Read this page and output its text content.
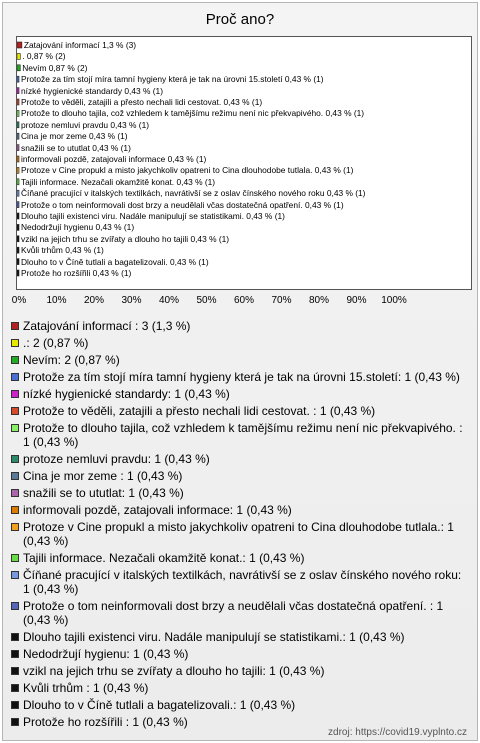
Proč ano?
Zatajování informací 1,3 % (3)
. 0,87 % (2)
Nevím 0,87 % (2)
Protože za tím stojí míra tamní hygieny která je tak na úrovni 15.století 0,43 % (1)
nízké hygienické standardy 0,43 % (1)
Protože to věděli, zatajili a přesto nechali lidi cestovat. 0,43 % (1)
Protože to dlouho tajila, což vzhledem k tamějšímu režimu není nic překvapivého. 0,43 % (1)
protoze nemluvi pravdu 0,43 % (1)
Cina je mor zeme 0,43 % (1)
snažili se to ututlat 0,43 % (1)
informovali pozdě, zatajovali informace 0,43 % (1)
Protoze v Cine propukl a misto jakychkoliv opatreni to Cina dlouhodobe tutlala. 0,43 % (1)
Tajili informace. Nezačali okamžitě konat. 0,43 % (1)
Číňané pracující v italských textilkách, navrátivší se z oslav čínského nového roku 0,43 % (1)
Protože o tom neinformovali dost brzy a neudělali včas dostatečná opatření. 0,43 % (1)
Dlouho tajili existenci viru. Nadále manipulují se statistikami. 0,43 % (1)
Nedodržují hygienu 0,43 % (1)
vzikl na jejich trhu se zvířaty a dlouho ho tajili 0,43 % (1)
Kvůli trhům 0,43 % (1)
Dlouho to v Číně tutlali a bagatelizovali. 0,43 % (1)
Protože ho rozšířili 0,43 % (1)
0% 10% 20% 30% 40% 50% 60% 70% 80% 90% 100%
Zatajování informací : 3 (1,3 %)
.: 2 (0,87 %)
Nevím: 2 (0,87 %)
Protože za tím stojí míra tamní hygieny která je tak na úrovni 15.století: 1 (0,43 %)
nízké hygienické standardy: 1 (0,43 %)
Protože to věděli, zatajili a přesto nechali lidi cestovat. : 1 (0,43 %)
Protože to dlouho tajila, což vzhledem k tamějšímu režimu není nic překvapivého. : 1 (0,43 %)
protoze nemluvi pravdu: 1 (0,43 %)
Cina je mor zeme : 1 (0,43 %)
snažili se to ututlat: 1 (0,43 %)
informovali pozdě, zatajovali informace: 1 (0,43 %)
Protoze v Cine propukl a misto jakychkoliv opatreni to Cina dlouhodobe tutlala.: 1 (0,43 %)
Tajili informace. Nezačali okamžitě konat.: 1 (0,43 %)
Číňané pracující v italských textilkách, navrátivší se z oslav čínského nového roku: 1 (0,43 %)
Protože o tom neinformovali dost brzy a neudělali včas dostatečná opatření. : 1 (0,43 %)
Dlouho tajili existenci viru. Nadále manipulují se statistikami.: 1 (0,43 %)
Nedodržují hygienu: 1 (0,43 %)
vzikl na jejich trhu se zvířaty a dlouho ho tajili: 1 (0,43 %)
Kvůli trhům : 1 (0,43 %)
Dlouho to v Číně tutlali a bagatelizovali.: 1 (0,43 %)
Protože ho rozšířili : 1 (0,43 %)
zdroj: https://covid19.vyplnto.cz
